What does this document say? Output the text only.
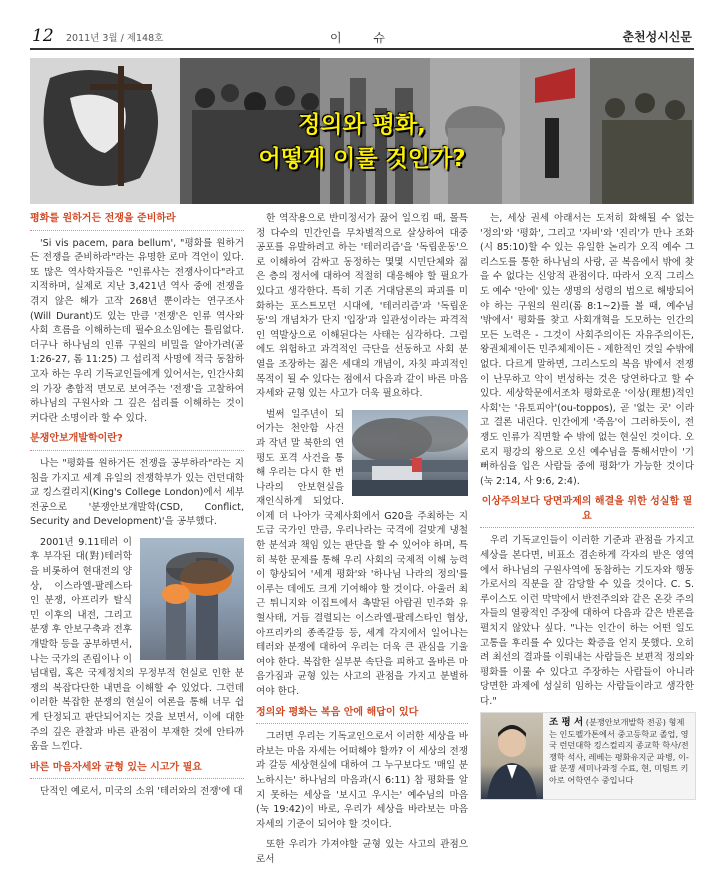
12 2011년 3월 / 제148호	이 슈	춘천성시신문
정의와 평화,
어떻게 이룰 것인가?

평화를 원하거든 전쟁을 준비하라

'Si vis pacem, para bellum', "평화를 원하거든 전쟁을 준비하라"라는 유명한 로마 격언이 있다. 또 많은 역사학자들은 "인류사는 전쟁사이다"라고 지적하며, 실제로 지난 3,421년 역사 중에 전쟁을 겪지 않은 해가 고작 268년 뿐이라는 연구조사(Will Durant)도 있는 만큼 '전쟁'은 인류 역사와 사회 흐름을 이해하는데 필수요소임에는 틀림없다. 더구나 하나님의 인류 구원의 비밀을 알아가려(골 1:26-27, 롬 11:25) 그 섭리적 사명에 적극 동참하고자 하는 우리 기독교인들에게 있어서는, 인간사회의 가장 총합적 면모로 보여주는 '전쟁'을 고찰하여 하나님의 구원사와 그 깊은 섭리를 이해하는 것이 커다란 소명이라 할 수 있다.

분쟁안보개발학이란?

나는 "평화를 원하거든 전쟁을 공부하라"라는 지침을 가지고 세계 유일의 전쟁학부가 있는 런던대학교 킹스컬리지(King's College London)에서 세부전공으로 '분쟁안보개발학(CSD, Conflict, Security and Development)'을 공부했다.

2001년 9.11테러 이후 부각된 대(對)테러학을 비롯하여 현대전의 양상, 이스라엘-팔레스타인 분쟁, 아프리카 탈식민 이후의 내전, 그리고 분쟁 후 안보구축과 전후 개발학 등을 공부하면서, 나는 국가의 존립이나 이념대립, 혹은 국제정치의 무정부적 현실로 인한 분쟁의 복잡다단한 내면을 이해할 수 있었다. 그런데 이러한 복잡한 분쟁의 현실이 여론을 통해 너무 쉽게 단정되고 판단되어지는 것을 보면서, 이에 대한 주의 깊은 관찰과 바른 관점이 부재한 것에 안타까움을 느낀다.

바른 마음자세와 균형 있는 시고가 필요

단적인 예로서, 미국의 소위 '테러와의 전쟁'에 대

한 역작용으로 반미정서가 끓어 일으킴 때, 몰특정 다수의 민간인을 무차별적으로 살상하여 대중 공포를 유발하려고 하는 '테러리즘'을 '독립운동'으로 이해하여 감싸고 동정하는 몇몇 시민단체와 젊은 층의 정서에 대하여 적절히 대응해야 할 필요가 있다고 생각한다. 특히 기존 거대담론의 파괴를 미화하는 포스트모던 시대에, '테러리즘'과 '독립운동'의 개념차가 단지 '입장'과 일관성이라는 파격적인 역발상으로 이해된다는 사태는 심각하다. 그럼에도 위험하고 과격적인 극단을 선동하고 사회 분열을 조장하는 젊은 세대의 개념이, 자칫 파괴적인 목적이 될 수 있다는 점에서 다음과 같이 바른 마음자세와 균형 있는 사고가 더욱 필요하다.

벌써 일주년이 되어가는 천안함 사건과 작년 말 북한의 연평도 포격 사건을 통해 우리는 다시 한 번 나라의 안보현실을 재인식하게 되었다. 이제 더 나아가 국제사회에서 G20을 주최하는 지도급 국가인 만큼, 우리나라는 국격에 걸맞게 냉철한 분석과 책임 있는 판단을 할 수 있어야 하며, 특히 북한 문제를 통해 우리 사회의 국제적 이해 능력이 향상되어 '세계 평화'와 '하나님 나라의 정의'를 이루는 데에도 크게 기여해야 할 것이다. 아울러 최근 튀니지와 이집트에서 촉발된 아랍권 민주화 유혈사태, 거듭 결렬되는 이스라엘-팔레스타인 협상, 아프리카의 종족갈등 등, 세계 각지에서 일어나는 테러와 분쟁에 대하여 우리는 더욱 큰 관심을 기울여야 한다. 복잡한 실부분 속단을 피하고 올바른 마음가짐과 균형 있는 사고의 관점을 가지고 분별하여야 한다.

정의와 평화는 복음 안에 해답이 있다

그러면 우리는 기독교인으로서 이러한 세상을 바라보는 마음 자세는 어떠해야 할까? 이 세상의 전쟁과 갈등 세상현실에 대하여 그 누구보다도 '매일 분노하시는' 하나님의 마음과(시 6:11) 참 평화를 알지 못하는 세상을 '보시고 우시는' 예수님의 마음(눅 19:42)이 바로, 우리가 세상을 바라보는 마음 자세의 기준이 되어야 할 것이다.

또한 우리가 가져야할 균형 있는 사고의 관점으로서

는, 세상 권세 아래서는 도저히 화해될 수 없는 '정의'와 '평화', 그리고 '자비'와 '진리'가 만나 조화(시 85:10)할 수 있는 유일한 논리가 오직 예수 그리스도를 통한 하나님의 사랑, 곧 복음에서 밖에 찾을 수 없다는 신앙적 관점이다. 따라서 오직 그리스도 예수 '안에' 있는 생명의 성령의 법으로 해방되어야 하는 구원의 원리(롬 8:1~2)를 볼 때, 예수님 '밖에서' 평화를 찾고 사회개혁을 도모하는 인간의 모든 노력은 - 그것이 사회주의이든 자유주의이든, 왕권체제이든 민주체제이든 - 제한적인 것일 수밖에 없다. 다르게 말하면, 그리스도의 복음 밖에서 전쟁이 난무하고 악이 번성하는 것은 당연하다고 할 수 있다. 세상학문에서조차 평화로운 '이상(理想)적인 사회'는 '유토피아'(ou-toppos), 곧 '없는 곳' 이라고 결론 내린다. 인간에게 '죽음'이 그러하듯이, 전쟁도 인류가 직면할 수 밖에 없는 현실인 것이다. 오로지 평강의 왕으로 오신 예수님을 통해서만이 '기뻐하심을 입은 사람들 중에 평화'가 가능한 것이다(눅 2:14, 사 9:6, 2:4).

이상주의보다 당면과제의 해결을 위한 성실함 필요

우리 기독교인들이 이러한 기준과 관점을 가지고 세상을 본다면, 비표소 겸손하게 각자의 받은 영역에서 하나님의 구원사역에 동참하는 기도자와 행동가로서의 직분을 잘 감당할 수 있을 것이다. C. S. 루이스도 이런 막막에서 반전주의와 같은 온갖 주의자들의 열광적인 주장에 대하여 다음과 같은 반론을 펼치지 않았나 싶다. "나는 인간이 하는 어떤 일도 고통을 후리를 수 있다는 확증을 얻지 못했다. 오히려 최선의 결과를 이뤄내는 사람들은 보편적 정의와 평화를 이룰 수 있다고 주장하는 사람들이 아니라 당면한 과제에 성실히 임하는 사람들이라고 생각한다."

조 평 서 (분쟁안보개발학 전공) 형제는 인도펠가톤에서 중고등학교 졸업, 영국 런던대학 킹스컬리지 종교학 학사/전쟁학 석사, 레베는 평화유지군 파병, 이-팔 분쟁 세미나과정 수료, 현, 미팀트 키아로 어학연수 중입니다
